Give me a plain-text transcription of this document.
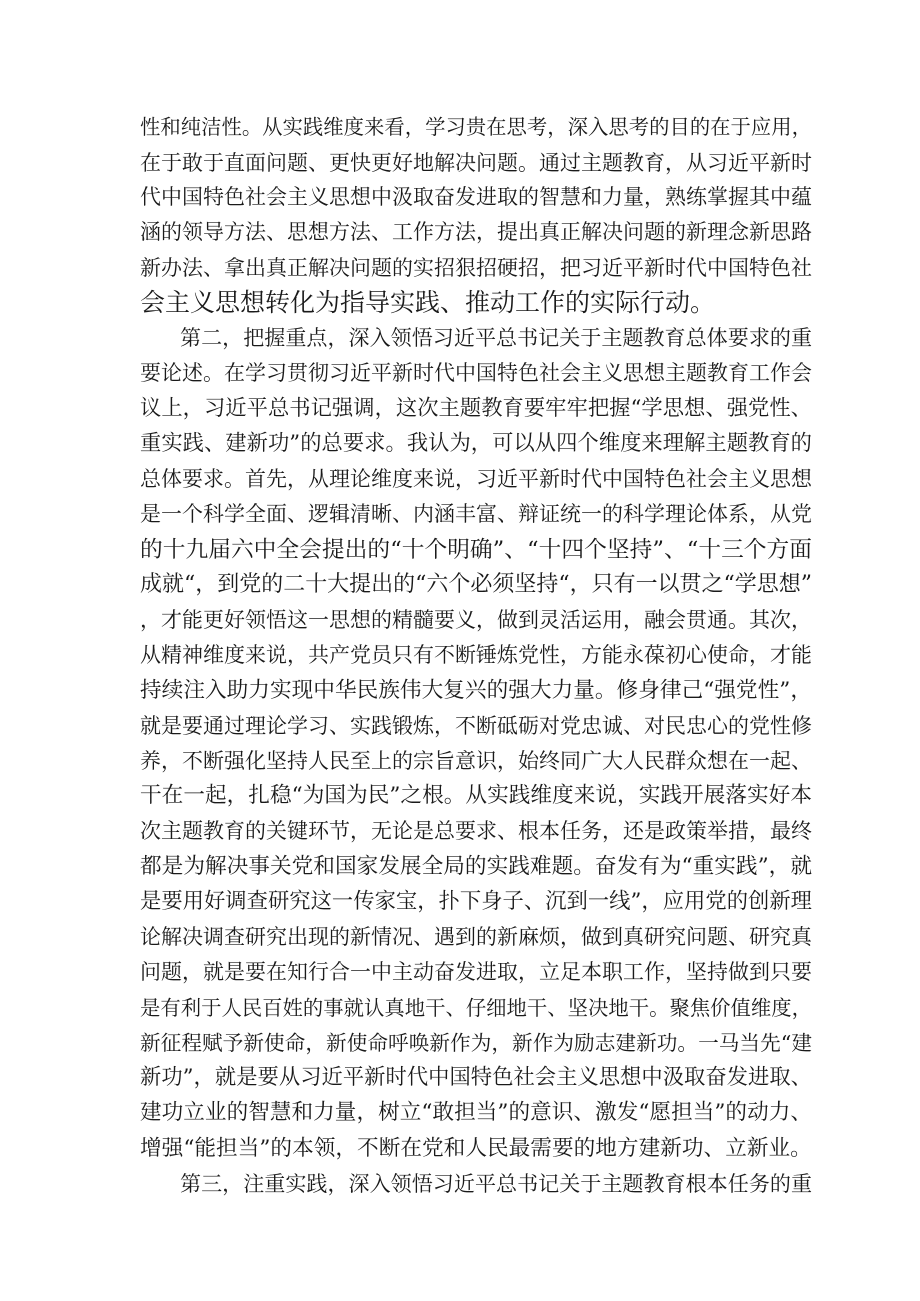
性和纯洁性。从实践维度来看，学习贵在思考，深入思考的目的在于应用，
在于敢于直面问题、更快更好地解决问题。通过主题教育，从习近平新时
代中国特色社会主义思想中汲取奋发进取的智慧和力量，熟练掌握其中蕴
涵的领导方法、思想方法、工作方法，提出真正解决问题的新理念新思路
新办法、拿出真正解决问题的实招狠招硬招，把习近平新时代中国特色社
会主义思想转化为指导实践、推动工作的实际行动。
第二，把握重点，深入领悟习近平总书记关于主题教育总体要求的重
要论述。在学习贯彻习近平新时代中国特色社会主义思想主题教育工作会
议上，习近平总书记强调，这次主题教育要牢牢把握“学思想、强党性、
重实践、建新功”的总要求。我认为，可以从四个维度来理解主题教育的
总体要求。首先，从理论维度来说，习近平新时代中国特色社会主义思想
是一个科学全面、逻辑清晰、内涵丰富、辩证统一的科学理论体系，从党
的十九届六中全会提出的“十个明确”、“十四个坚持”、“十三个方面
成就“，到党的二十大提出的“六个必须坚持“，只有一以贯之“学思想”
，才能更好领悟这一思想的精髓要义，做到灵活运用，融会贯通。其次，
从精神维度来说，共产党员只有不断锤炼党性，方能永葆初心使命，才能
持续注入助力实现中华民族伟大复兴的强大力量。修身律己“强党性”，
就是要通过理论学习、实践锻炼，不断砥砺对党忠诚、对民忠心的党性修
养，不断强化坚持人民至上的宗旨意识，始终同广大人民群众想在一起、
干在一起，扎稳“为国为民”之根。从实践维度来说，实践开展落实好本
次主题教育的关键环节，无论是总要求、根本任务，还是政策举措，最终
都是为解决事关党和国家发展全局的实践难题。奋发有为“重实践”，就
是要用好调查研究这一传家宝，扑下身子、沉到一线”，应用党的创新理
论解决调查研究出现的新情况、遇到的新麻烦，做到真研究问题、研究真
问题，就是要在知行合一中主动奋发进取，立足本职工作，坚持做到只要
是有利于人民百姓的事就认真地干、仔细地干、坚决地干。聚焦价值维度，
新征程赋予新使命，新使命呼唤新作为，新作为励志建新功。一马当先“建
新功”，就是要从习近平新时代中国特色社会主义思想中汲取奋发进取、
建功立业的智慧和力量，树立“敢担当”的意识、激发“愿担当”的动力、
增强“能担当”的本领，不断在党和人民最需要的地方建新功、立新业。
第三，注重实践，深入领悟习近平总书记关于主题教育根本任务的重
